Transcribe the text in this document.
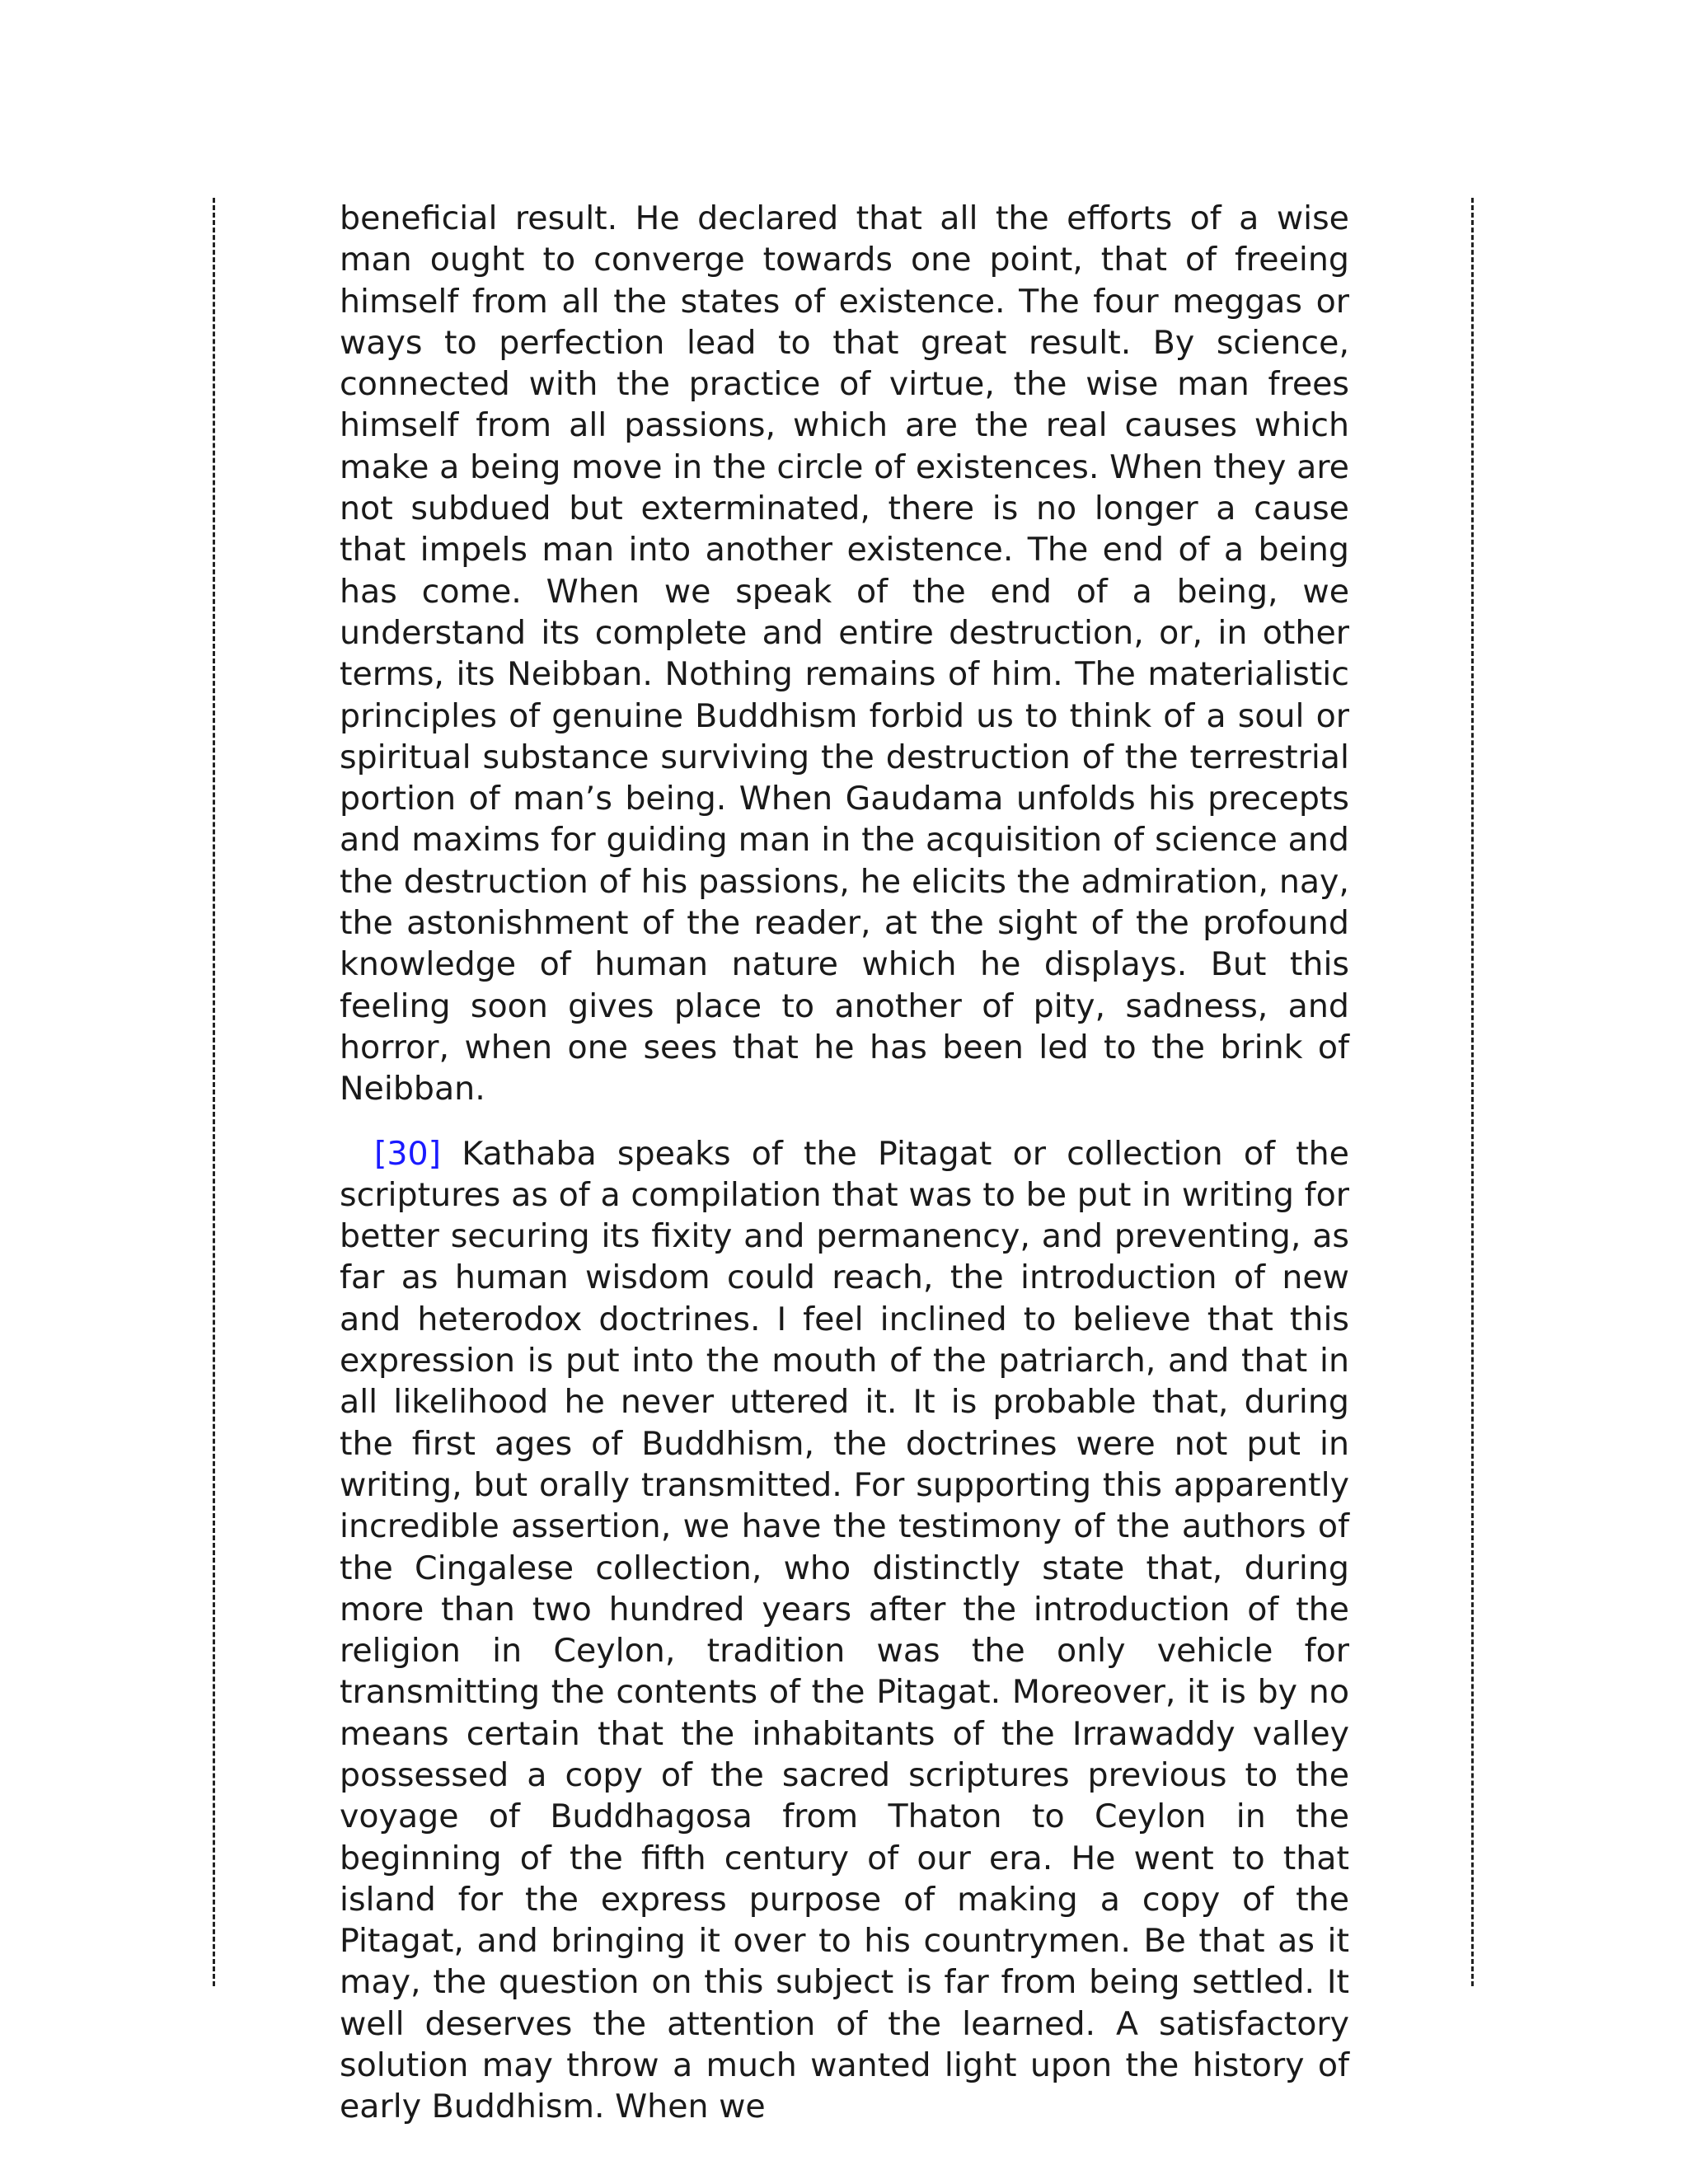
beneficial result. He declared that all the efforts of a wise man ought to converge towards one point, that of freeing himself from all the states of existence. The four meggas or ways to perfection lead to that great result. By science, connected with the practice of virtue, the wise man frees himself from all passions, which are the real causes which make a being move in the circle of existences. When they are not subdued but exterminated, there is no longer a cause that impels man into another existence. The end of a being has come. When we speak of the end of a being, we understand its complete and entire destruction, or, in other terms, its Neibban. Nothing remains of him. The materialistic principles of genuine Buddhism forbid us to think of a soul or spiritual substance surviving the destruction of the terrestrial portion of man’s being. When Gaudama unfolds his precepts and maxims for guiding man in the acquisition of science and the destruction of his passions, he elicits the admiration, nay, the astonishment of the reader, at the sight of the profound knowledge of human nature which he displays. But this feeling soon gives place to another of pity, sadness, and horror, when one sees that he has been led to the brink of Neibban.

[30] Kathaba speaks of the Pitagat or collection of the scriptures as of a compilation that was to be put in writing for better securing its fixity and permanency, and preventing, as far as human wisdom could reach, the introduction of new and heterodox doctrines. I feel inclined to believe that this expression is put into the mouth of the patriarch, and that in all likelihood he never uttered it. It is probable that, during the first ages of Buddhism, the doctrines were not put in writing, but orally transmitted. For supporting this apparently incredible assertion, we have the testimony of the authors of the Cingalese collection, who distinctly state that, during more than two hundred years after the introduction of the religion in Ceylon, tradition was the only vehicle for transmitting the contents of the Pitagat. Moreover, it is by no means certain that the inhabitants of the Irrawaddy valley possessed a copy of the sacred scriptures previous to the voyage of Buddhagosa from Thaton to Ceylon in the beginning of the fifth century of our era. He went to that island for the express purpose of making a copy of the Pitagat, and bringing it over to his countrymen. Be that as it may, the question on this subject is far from being settled. It well deserves the attention of the learned. A satisfactory solution may throw a much wanted light upon the history of early Buddhism. When we
